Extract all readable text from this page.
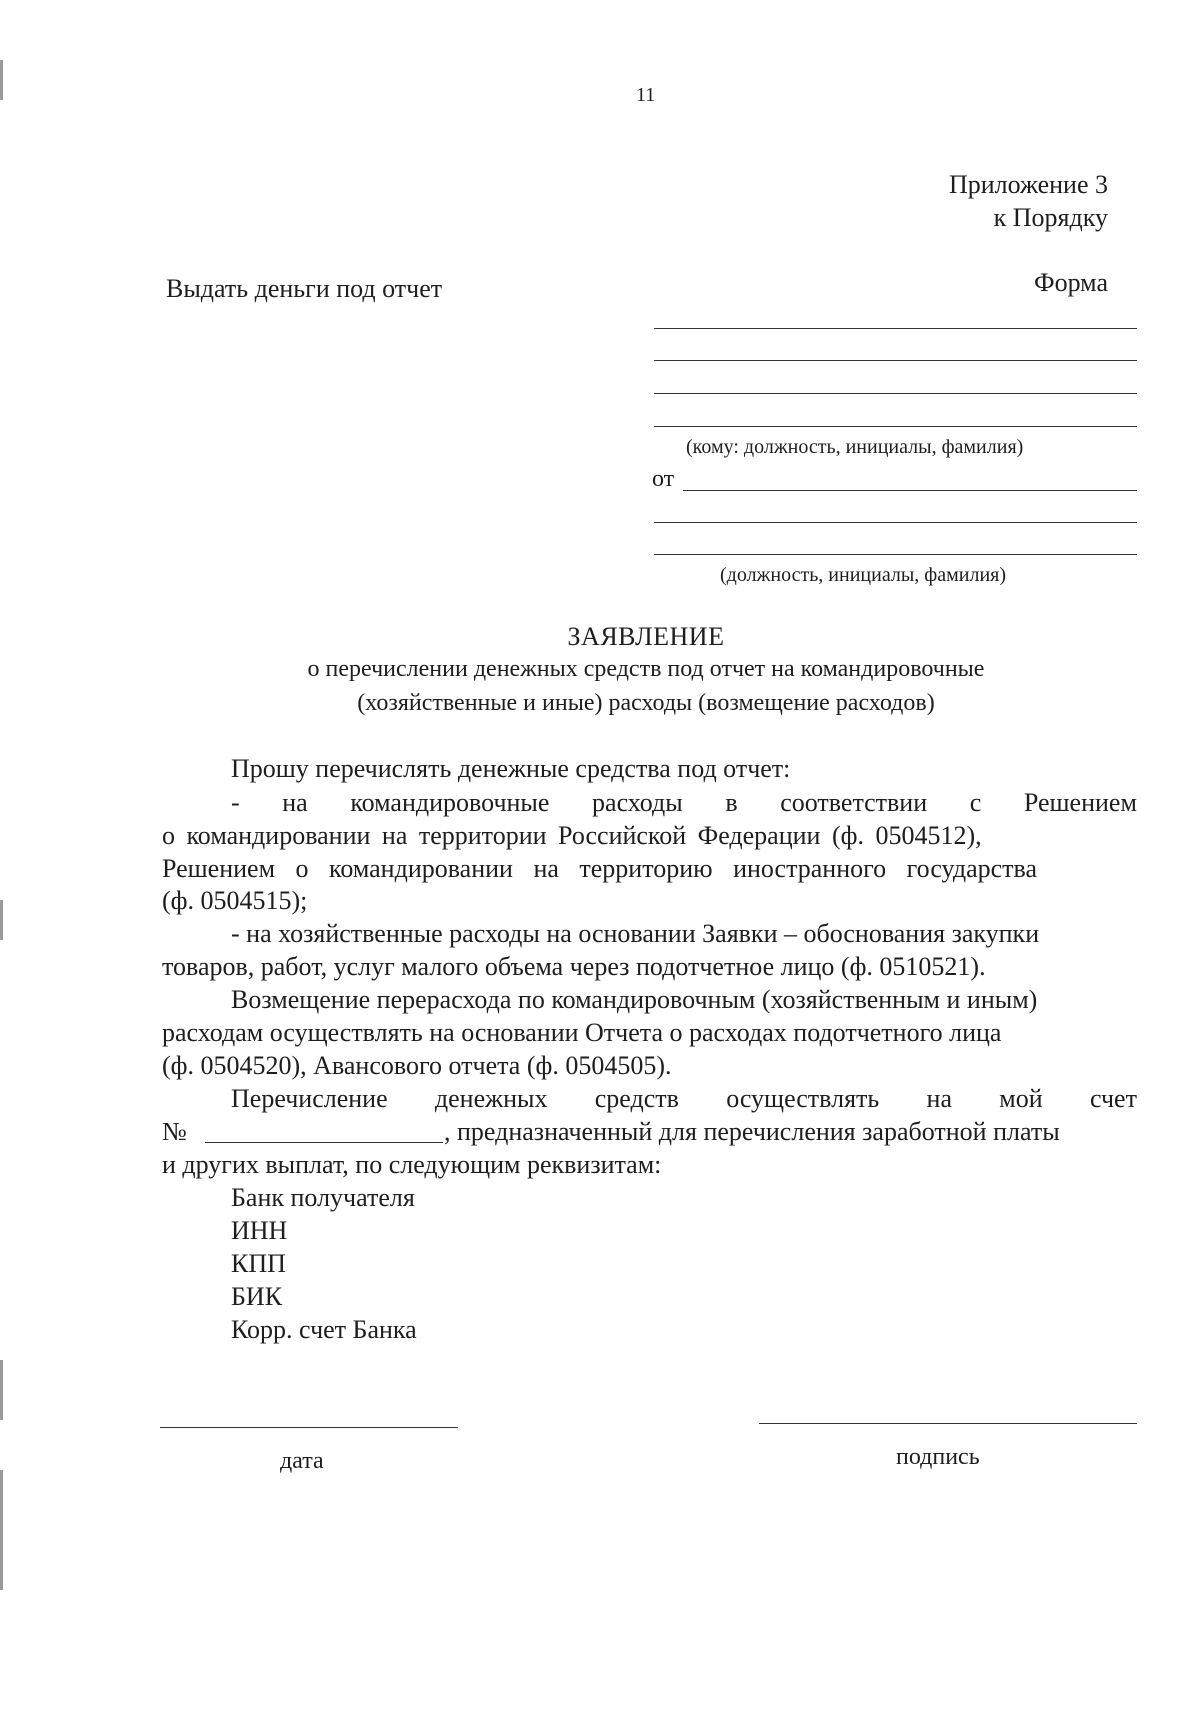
11
Приложение 3
к Порядку
Выдать деньги под отчет	Форма
(кому: должность, инициалы, фамилия)
от
(должность, инициалы, фамилия)
ЗАЯВЛЕНИЕ
о перечислении денежных средств под отчет на командировочные
(хозяйственные и иные) расходы (возмещение расходов)
Прошу перечислять денежные средства под отчет:
- на командировочные расходы в соответствии с Решением
о командировании на территории Российской Федерации (ф. 0504512),
Решением о командировании на территорию иностранного государства
(ф. 0504515);
- на хозяйственные расходы на основании Заявки – обоснования закупки
товаров, работ, услуг малого объема через подотчетное лицо (ф. 0510521).
Возмещение перерасхода по командировочным (хозяйственным и иным)
расходам осуществлять на основании Отчета о расходах подотчетного лица
(ф. 0504520), Авансового отчета (ф. 0504505).
Перечисление денежных средств осуществлять на мой счет
№	, предназначенный для перечисления заработной платы
и других выплат, по следующим реквизитам:
Банк получателя
ИНН
КПП
БИК
Корр. счет Банка
дата	подпись
